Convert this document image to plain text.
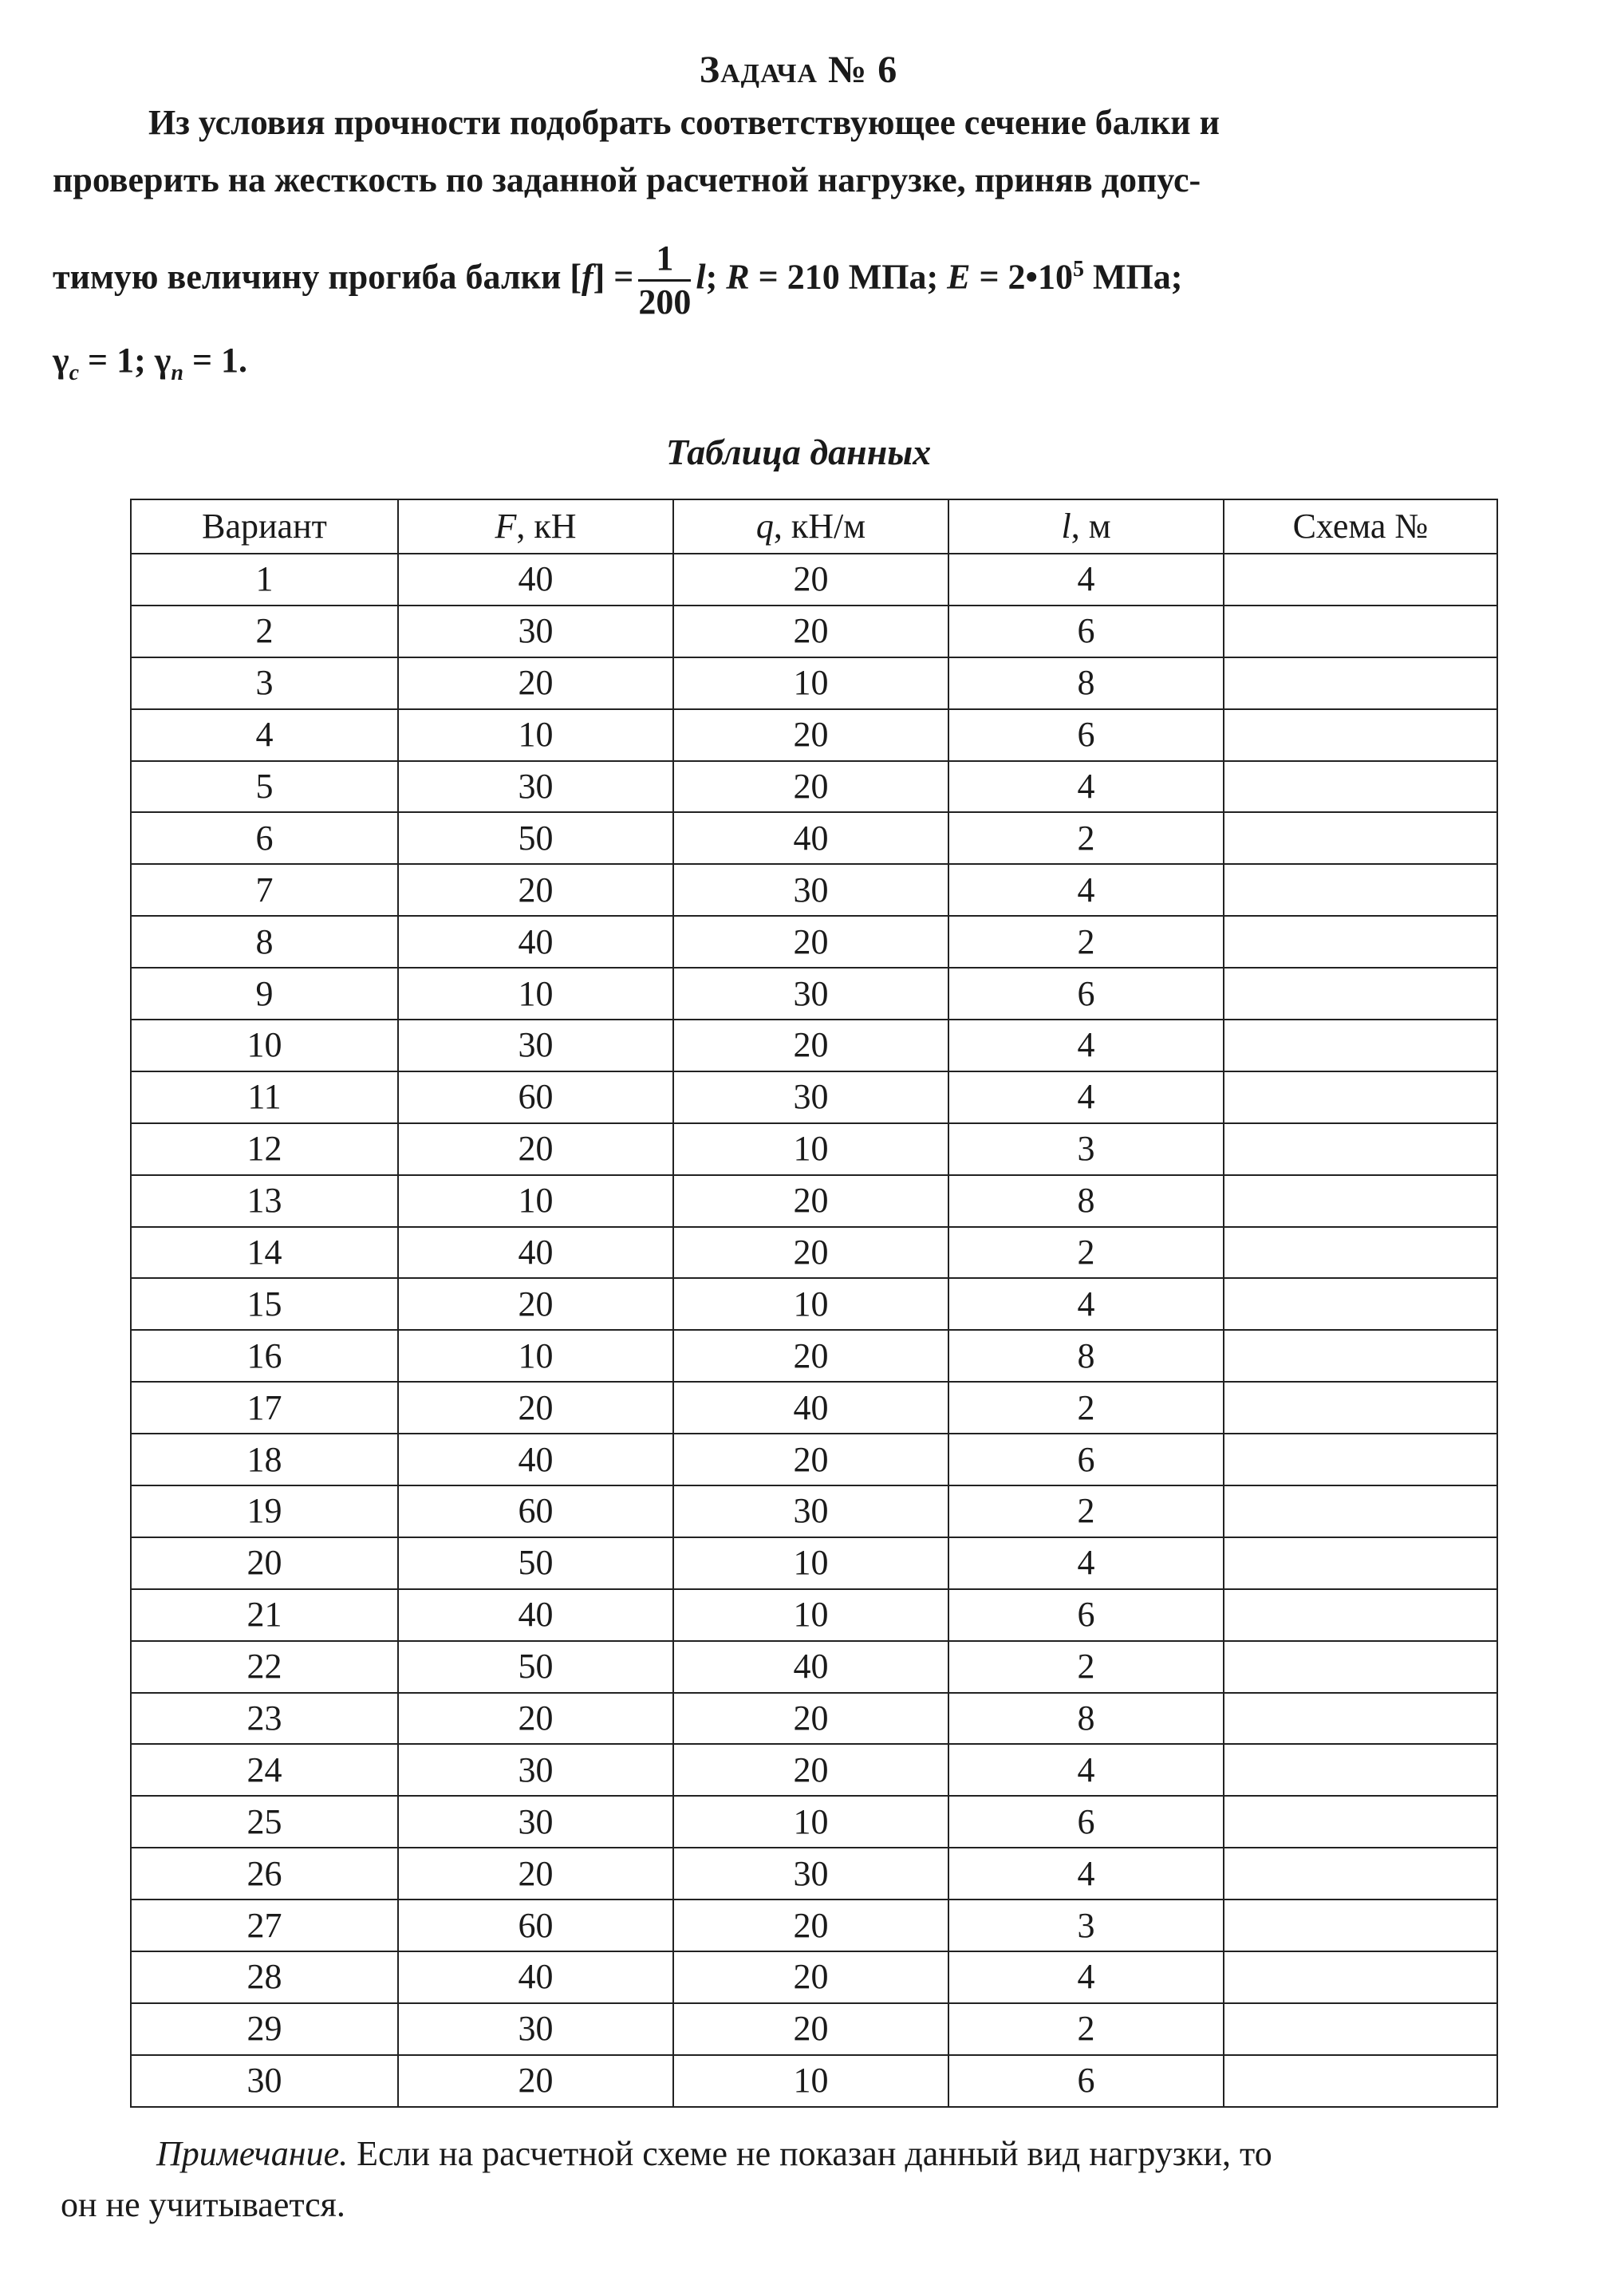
Задача № 6
Из условия прочности подобрать соответствующее сечение балки и
проверить на жесткость по заданной расчетной нагрузке, приняв допус-
тимую величину прогиба балки $[f] = \frac{1}{200} l$; R = 210 МПа; $E = 2•10^5$ МПа;
$\gamma_c = 1$; $\gamma_n = 1$.
Таблица данных
Вариант	F, кН	q, кН/м	l, м	Схема №
1	40	20	4	
2	30	20	6	
3	20	10	8	
4	10	20	6	
5	30	20	4	
6	50	40	2	
7	20	30	4	
8	40	20	2	
9	10	30	6	
10	30	20	4	
11	60	30	4	
12	20	10	3	
13	10	20	8	
14	40	20	2	
15	20	10	4	
16	10	20	8	
17	20	40	2	
18	40	20	6	
19	60	30	2	
20	50	10	4	
21	40	10	6	
22	50	40	2	
23	20	20	8	
24	30	20	4	
25	30	10	6	
26	20	30	4	
27	60	20	3	
28	40	20	4	
29	30	20	2	
30	20	10	6	

Примечание. Если на расчетной схеме не показан данный вид нагрузки, то

он не учитывается.
